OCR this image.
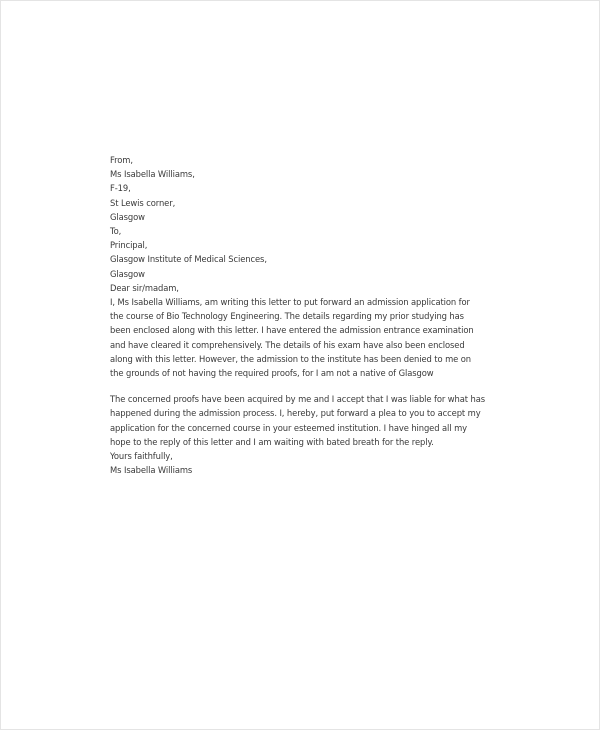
From,
Ms Isabella Williams,
F-19,
St Lewis corner,
Glasgow
To,
Principal,
Glasgow Institute of Medical Sciences,
Glasgow
Dear sir/madam,
I, Ms Isabella Williams, am writing this letter to put forward an admission application for
the course of Bio Technology Engineering. The details regarding my prior studying has
been enclosed along with this letter. I have entered the admission entrance examination
and have cleared it comprehensively. The details of his exam have also been enclosed
along with this letter. However, the admission to the institute has been denied to me on
the grounds of not having the required proofs, for I am not a native of Glasgow
The concerned proofs have been acquired by me and I accept that I was liable for what has
happened during the admission process. I, hereby, put forward a plea to you to accept my
application for the concerned course in your esteemed institution. I have hinged all my
hope to the reply of this letter and I am waiting with bated breath for the reply.
Yours faithfully,
Ms Isabella Williams
